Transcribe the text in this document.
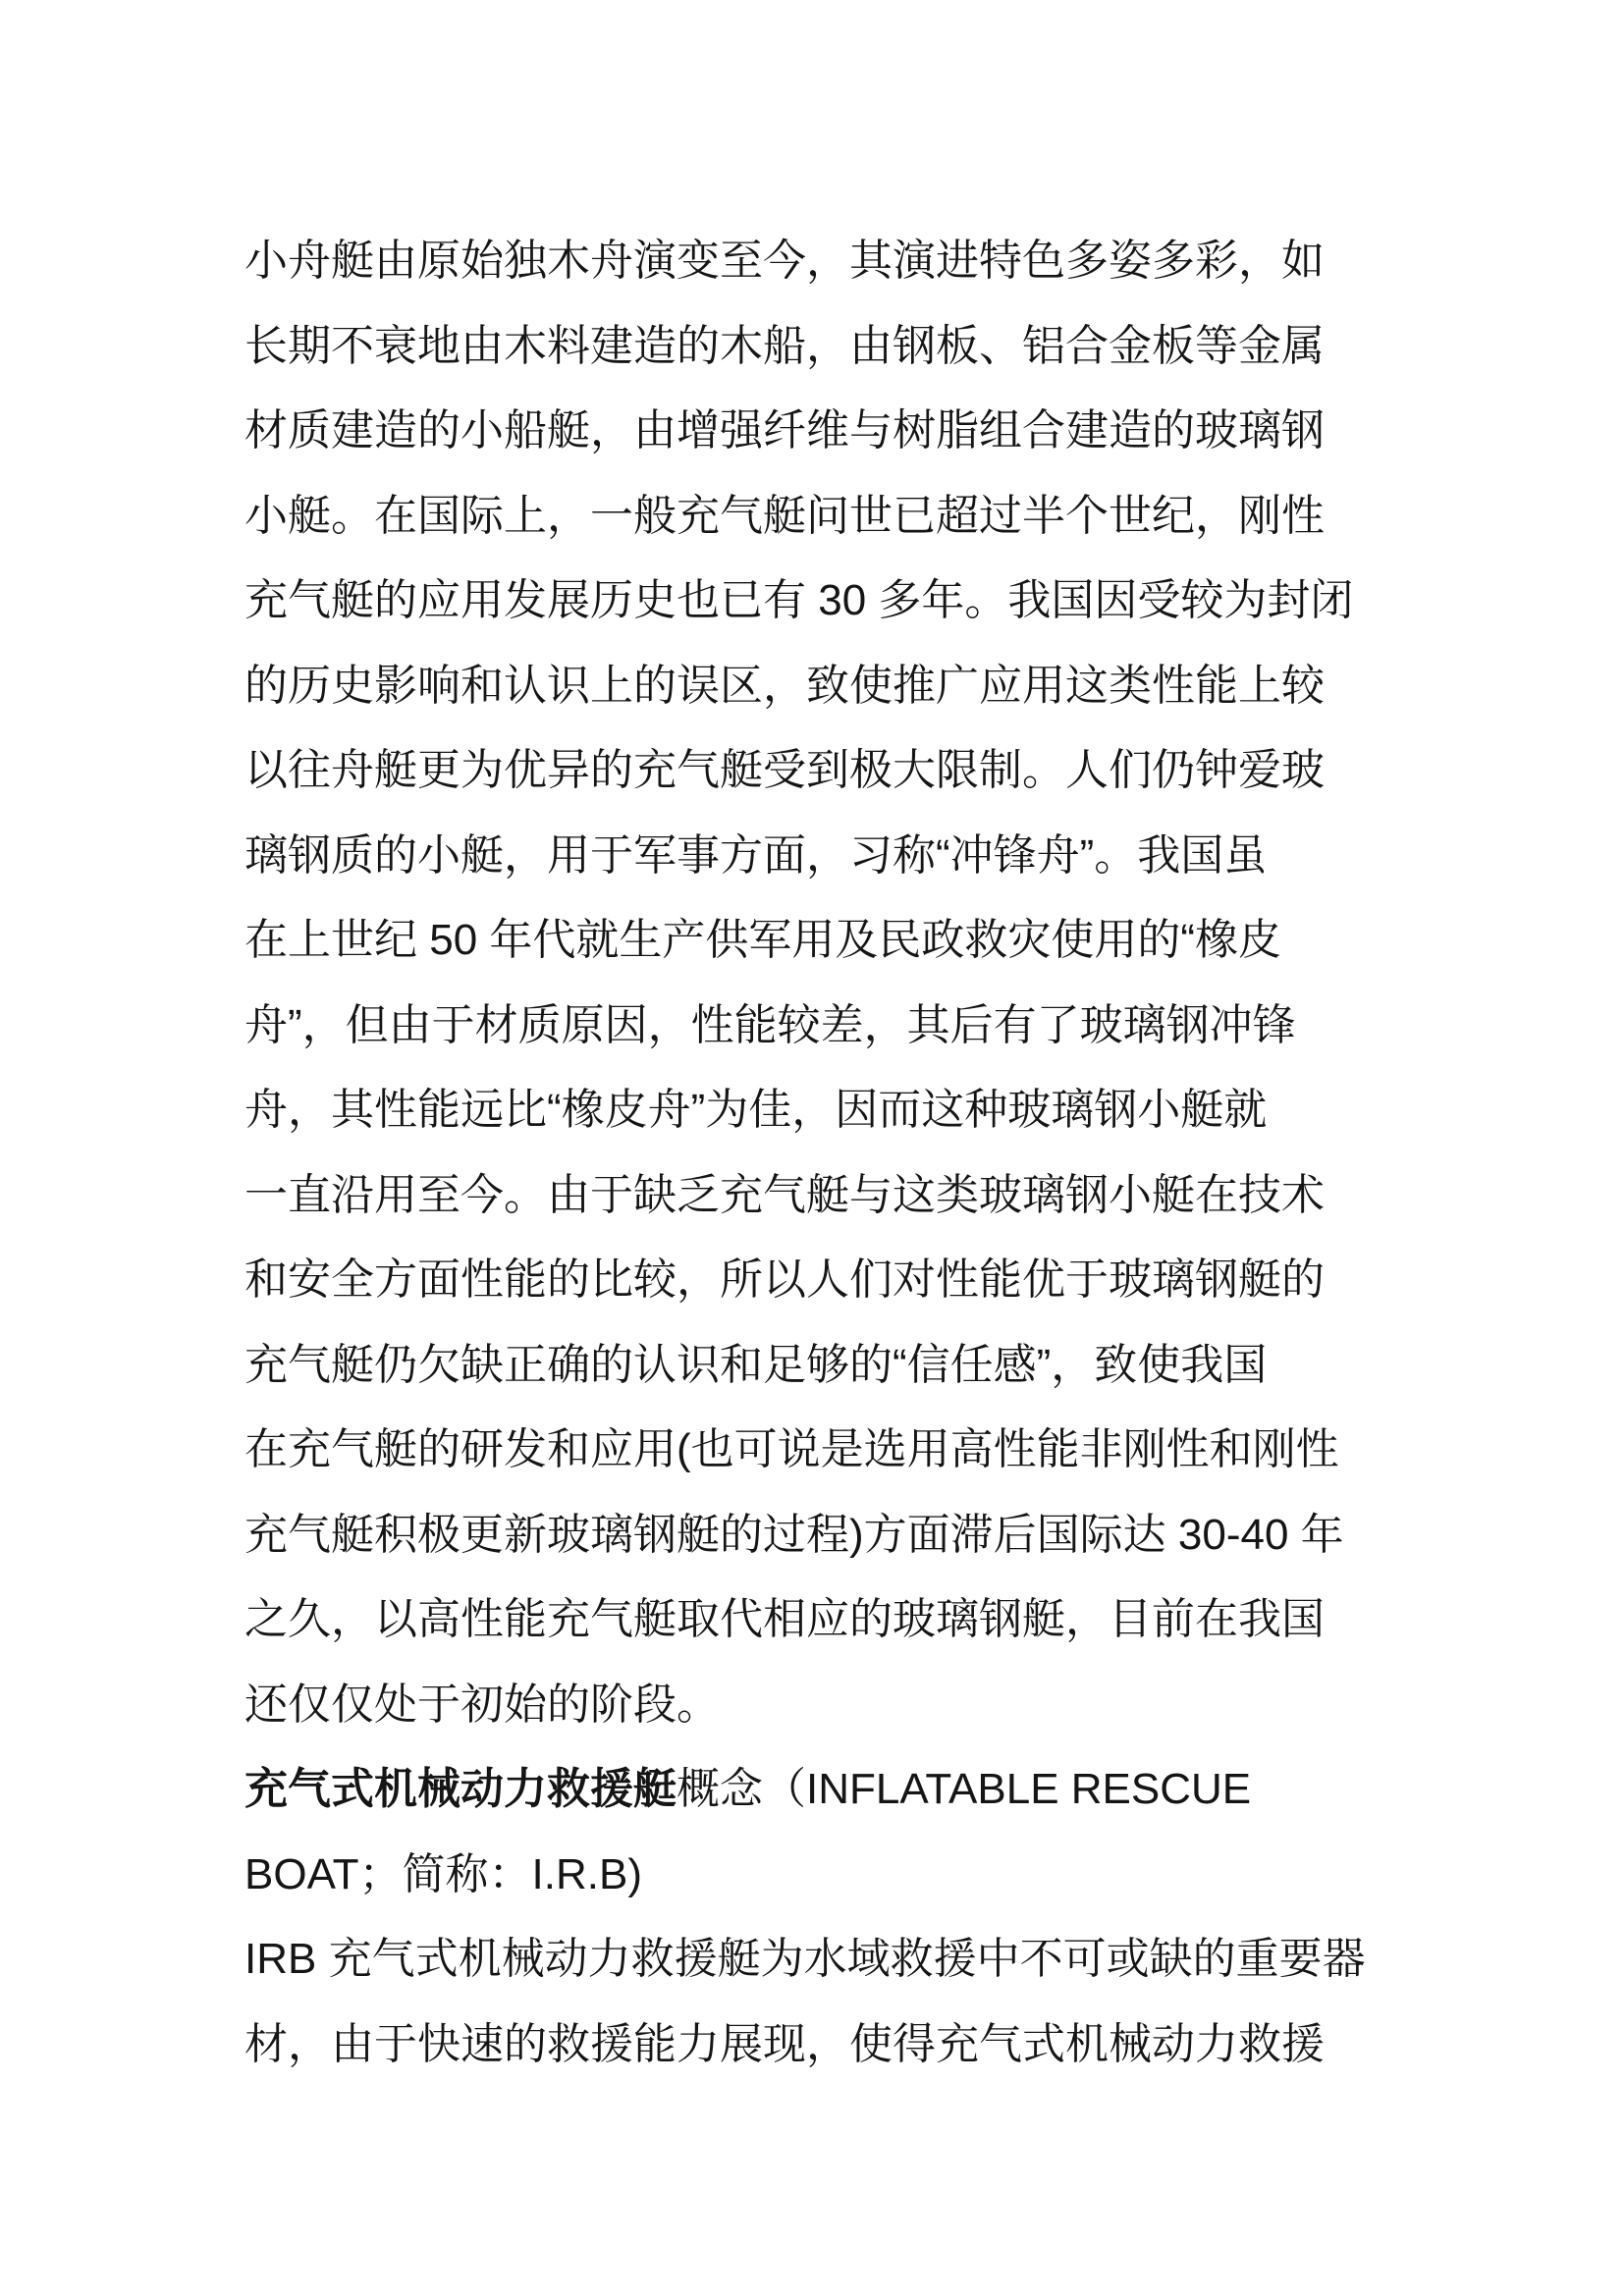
小舟艇由原始独木舟演变至今，其演进特色多姿多彩，如
长期不衰地由木料建造的木船，由钢板、铝合金板等金属
材质建造的小船艇，由增强纤维与树脂组合建造的玻璃钢
小艇。在国际上，一般充气艇问世已超过半个世纪，刚性
充气艇的应用发展历史也已有 30 多年。我国因受较为封闭
的历史影响和认识上的误区，致使推广应用这类性能上较
以往舟艇更为优异的充气艇受到极大限制。人们仍钟爱玻
璃钢质的小艇，用于军事方面，习称“冲锋舟”。我国虽
在上世纪 50 年代就生产供军用及民政救灾使用的“橡皮
舟”，但由于材质原因，性能较差，其后有了玻璃钢冲锋
舟，其性能远比“橡皮舟”为佳，因而这种玻璃钢小艇就
一直沿用至今。由于缺乏充气艇与这类玻璃钢小艇在技术
和安全方面性能的比较，所以人们对性能优于玻璃钢艇的
充气艇仍欠缺正确的认识和足够的“信任感”，致使我国
在充气艇的研发和应用(也可说是选用高性能非刚性和刚性
充气艇积极更新玻璃钢艇的过程)方面滞后国际达 30-40 年
之久，以高性能充气艇取代相应的玻璃钢艇，目前在我国
还仅仅处于初始的阶段。
充气式机械动力救援艇概念（INFLATABLE RESCUE
BOAT；简称：I.R.B)
IRB 充气式机械动力救援艇为水域救援中不可或缺的重要器
材，由于快速的救援能力展现，使得充气式机械动力救援
